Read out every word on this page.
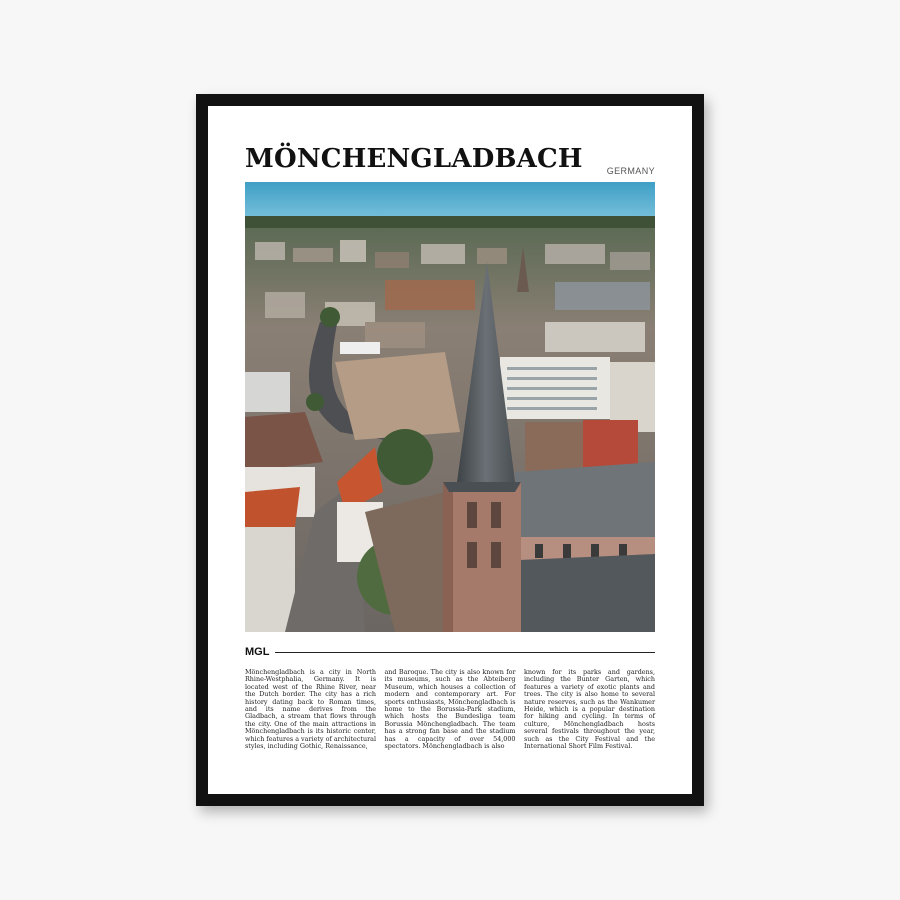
MÖNCHENGLADBACH	GERMANY
MGL
Mönchengladbach is a city in North Rhine-Westphalia, Germany. It is located west of the Rhine River, near the Dutch border. The city has a rich history dating back to Roman times, and its name derives from the Gladbach, a stream that flows through the city. One of the main attractions in Mönchengladbach is its historic center, which features a variety of architectural styles, including Gothic, Renaissance,
and Baroque. The city is also known for its museums, such as the Abteiberg Museum, which houses a collection of modern and contemporary art. For sports enthusiasts, Mönchengladbach is home to the Borussia-Park stadium, which hosts the Bundesliga team Borussia Mönchengladbach. The team has a strong fan base and the stadium has a capacity of over 54,000 spectators. Mönchengladbach is also
known for its parks and gardens, including the Bunter Garten, which features a variety of exotic plants and trees. The city is also home to several nature reserves, such as the Wankumer Heide, which is a popular destination for hiking and cycling. In terms of culture, Mönchengladbach hosts several festivals throughout the year, such as the City Festival and the International Short Film Festival.
